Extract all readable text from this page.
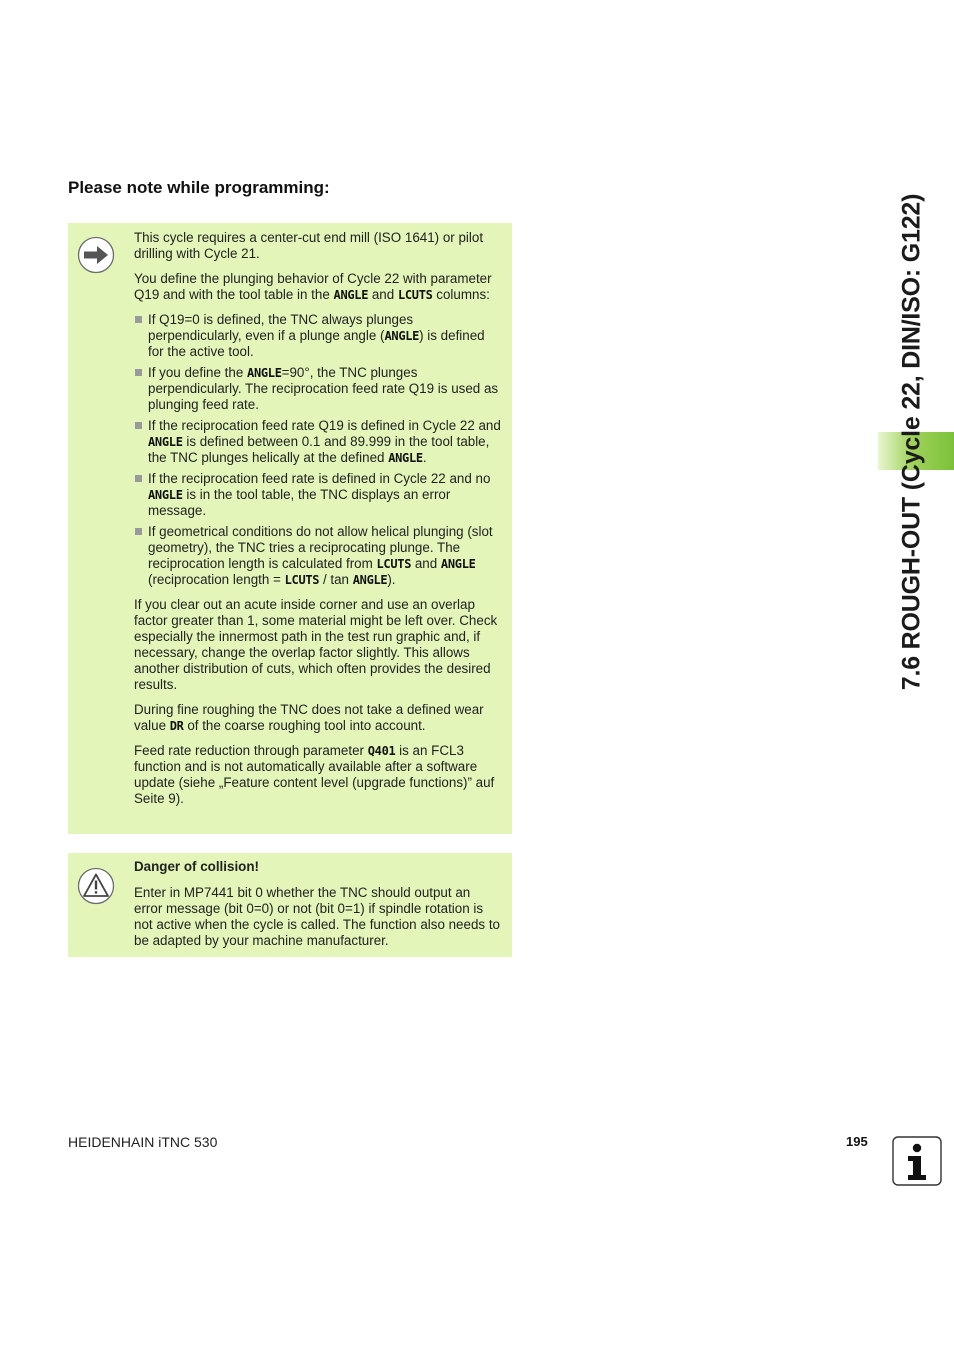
Please note while programming:

This cycle requires a center-cut end mill (ISO 1641) or pilot drilling with Cycle 21.

You define the plunging behavior of Cycle 22 with parameter Q19 and with the tool table in the ANGLE and LCUTS columns:

If Q19=0 is defined, the TNC always plunges perpendicularly, even if a plunge angle (ANGLE) is defined for the active tool.
If you define the ANGLE=90°, the TNC plunges perpendicularly. The reciprocation feed rate Q19 is used as plunging feed rate.
If the reciprocation feed rate Q19 is defined in Cycle 22 and ANGLE is defined between 0.1 and 89.999 in the tool table, the TNC plunges helically at the defined ANGLE.
If the reciprocation feed rate is defined in Cycle 22 and no ANGLE is in the tool table, the TNC displays an error message.
If geometrical conditions do not allow helical plunging (slot geometry), the TNC tries a reciprocating plunge. The reciprocation length is calculated from LCUTS and ANGLE (reciprocation length = LCUTS / tan ANGLE).

If you clear out an acute inside corner and use an overlap factor greater than 1, some material might be left over. Check especially the innermost path in the test run graphic and, if necessary, change the overlap factor slightly. This allows another distribution of cuts, which often provides the desired results.

During fine roughing the TNC does not take a defined wear value DR of the coarse roughing tool into account.

Feed rate reduction through parameter Q401 is an FCL3 function and is not automatically available after a software update (siehe „Feature content level (upgrade functions)” auf Seite 9).

Danger of collision!

Enter in MP7441 bit 0 whether the TNC should output an error message (bit 0=0) or not (bit 0=1) if spindle rotation is not active when the cycle is called. The function also needs to be adapted by your machine manufacturer.

7.6 ROUGH-OUT (Cycle 22, DIN/ISO: G122)
HEIDENHAIN iTNC 530	195
